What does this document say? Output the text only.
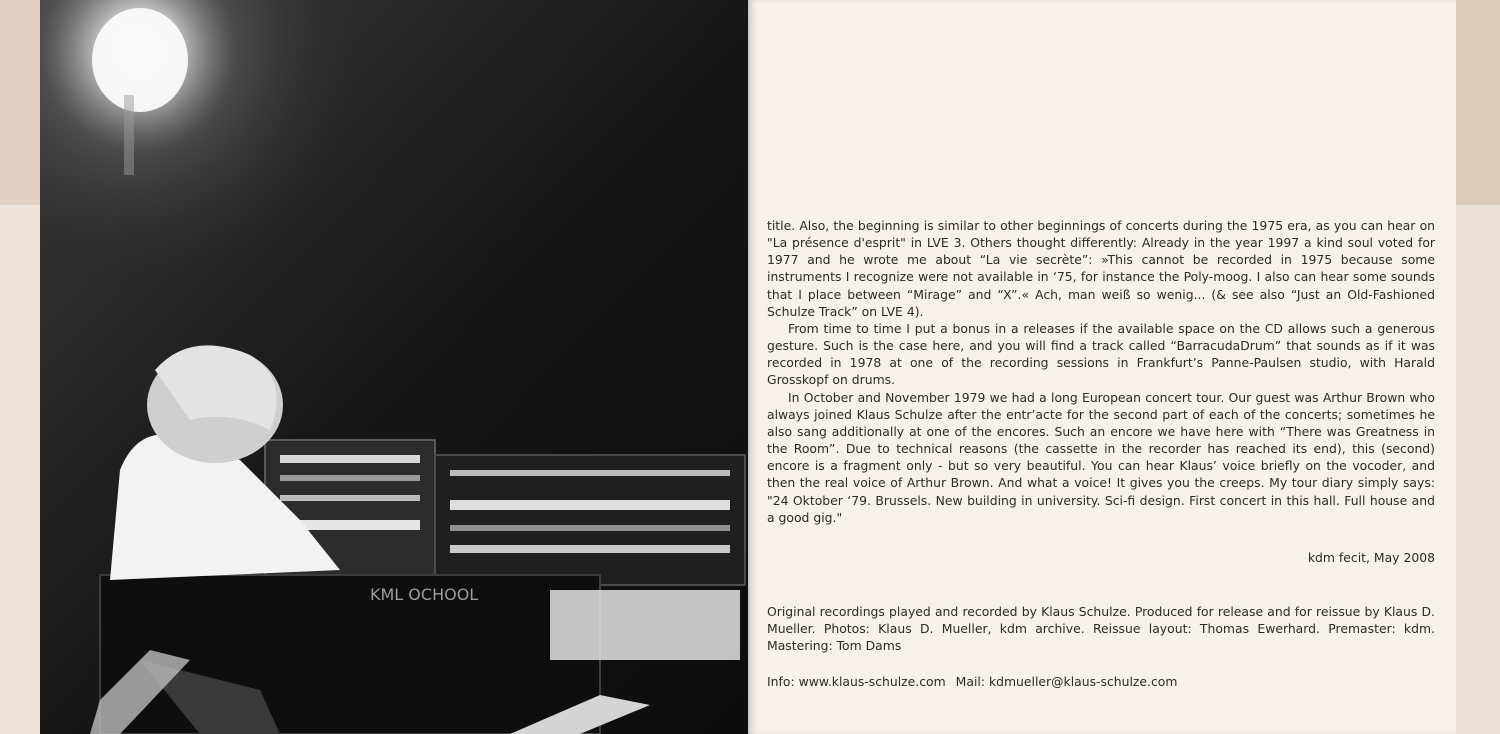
KML OCHOOL

title. Also, the beginning is similar to other beginnings of concerts during the 1975 era, as you can hear on "La présence d'esprit" in LVE 3. Others thought differently: Already in the year 1997 a kind soul voted for 1977 and he wrote me about “La vie secrète”: »This cannot be recorded in 1975 because some instruments I recognize were not available in ‘75, for instance the Poly-moog. I also can hear some sounds that I place between “Mirage” and “X”.« Ach, man weiß so wenig... (& see also “Just an Old-Fashioned Schulze Track” on LVE 4).

From time to time I put a bonus in a releases if the available space on the CD allows such a generous gesture. Such is the case here, and you will find a track called “BarracudaDrum” that sounds as if it was recorded in 1978 at one of the recording sessions in Frankfurt’s Panne-Paulsen studio, with Harald Grosskopf on drums.

In October and November 1979 we had a long European concert tour. Our guest was Arthur Brown who always joined Klaus Schulze after the entr’acte for the second part of each of the concerts; sometimes he also sang additionally at one of the encores. Such an encore we have here with “There was Greatness in the Room”. Due to technical reasons (the cassette in the recorder has reached its end), this (second) encore is a fragment only - but so very beautiful. You can hear Klaus’ voice briefly on the vocoder, and then the real voice of Arthur Brown. And what a voice! It gives you the creeps. My tour diary simply says: "24 Oktober ‘79. Brussels. New building in university. Sci-fi design. First concert in this hall. Full house and a good gig."

kdm fecit, May 2008
Original recordings played and recorded by Klaus Schulze. Produced for release and for reissue by Klaus D. Mueller. Photos: Klaus D. Mueller, kdm archive. Reissue layout: Thomas Ewerhard. Premaster: kdm. Mastering: Tom Dams
Info: www.klaus-schulze.com Mail: kdmueller@klaus-schulze.com
